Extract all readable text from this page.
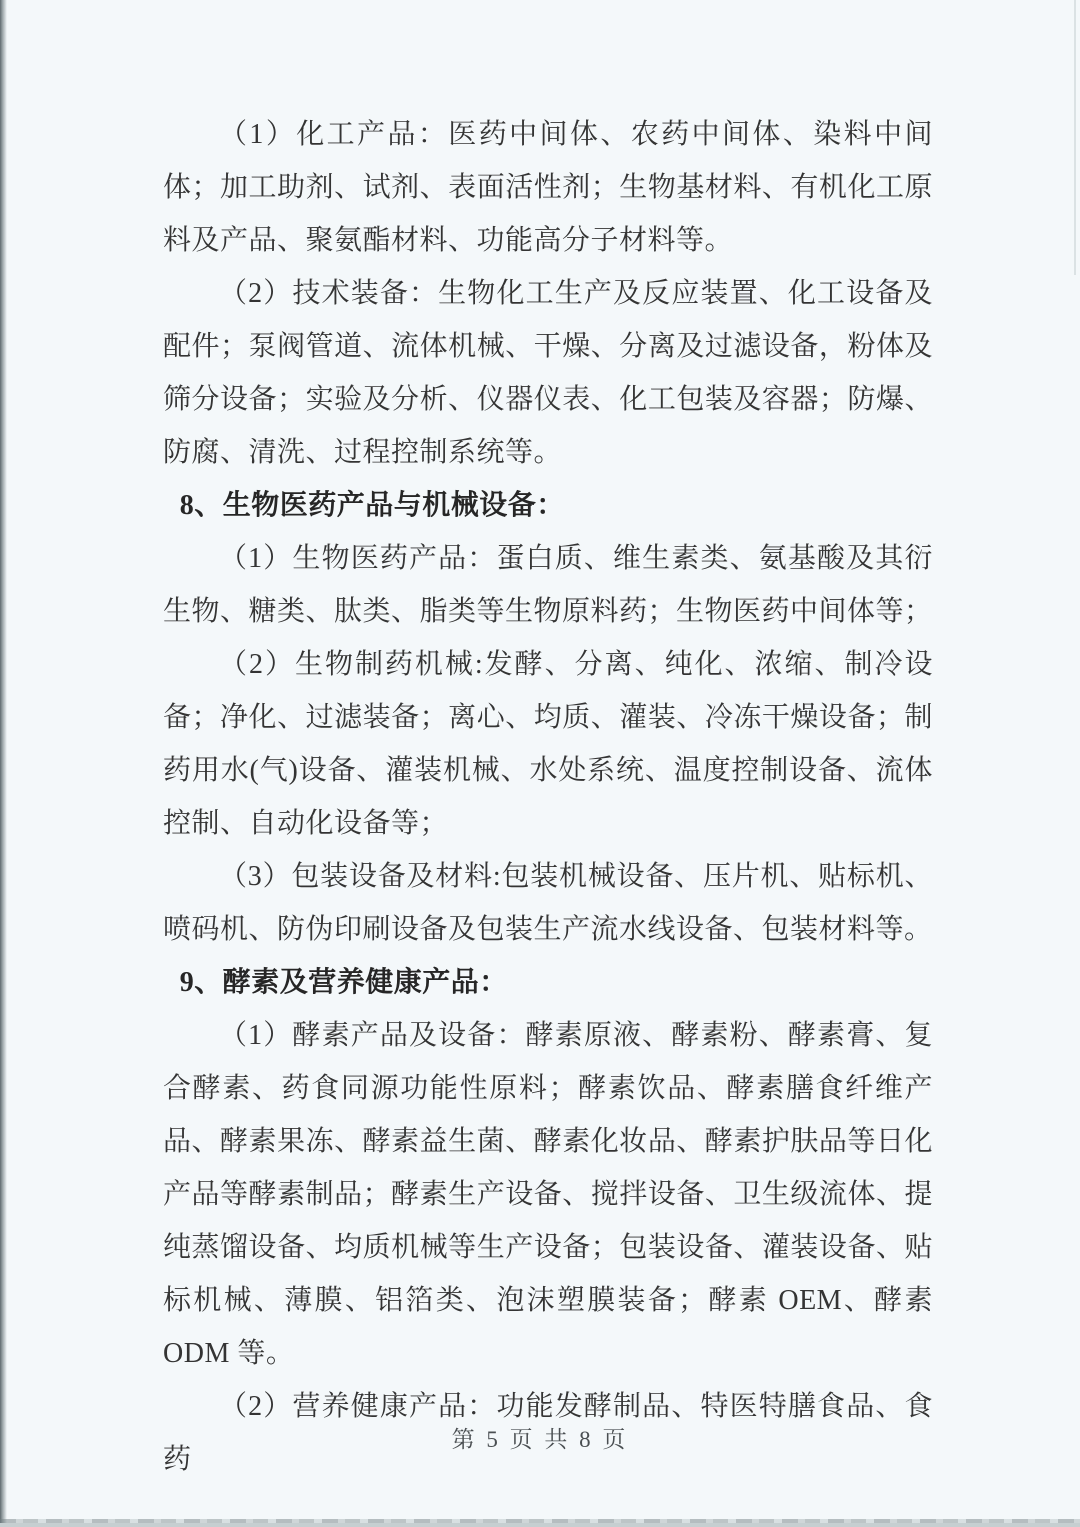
（1）化工产品：医药中间体、农药中间体、染料中间体；加工助剂、试剂、表面活性剂；生物基材料、有机化工原料及产品、聚氨酯材料、功能高分子材料等。

（2）技术装备：生物化工生产及反应装置、化工设备及配件；泵阀管道、流体机械、干燥、分离及过滤设备，粉体及筛分设备；实验及分析、仪器仪表、化工包装及容器；防爆、防腐、清洗、过程控制系统等。

8、生物医药产品与机械设备：

（1）生物医药产品：蛋白质、维生素类、氨基酸及其衍生物、糖类、肽类、脂类等生物原料药；生物医药中间体等；

（2）生物制药机械:发酵、分离、纯化、浓缩、制冷设备；净化、过滤装备；离心、均质、灌装、冷冻干燥设备；制药用水(气)设备、灌装机械、水处系统、温度控制设备、流体控制、自动化设备等；

（3）包装设备及材料:包装机械设备、压片机、贴标机、喷码机、防伪印刷设备及包装生产流水线设备、包装材料等。

9、酵素及营养健康产品：

（1）酵素产品及设备：酵素原液、酵素粉、酵素膏、复合酵素、药食同源功能性原料；酵素饮品、酵素膳食纤维产品、酵素果冻、酵素益生菌、酵素化妆品、酵素护肤品等日化产品等酵素制品；酵素生产设备、搅拌设备、卫生级流体、提纯蒸馏设备、均质机械等生产设备；包装设备、灌装设备、贴标机械、薄膜、铝箔类、泡沫塑膜装备；酵素 OEM、酵素 ODM 等。

（2）营养健康产品：功能发酵制品、特医特膳食品、食药

第 5 页 共 8 页
